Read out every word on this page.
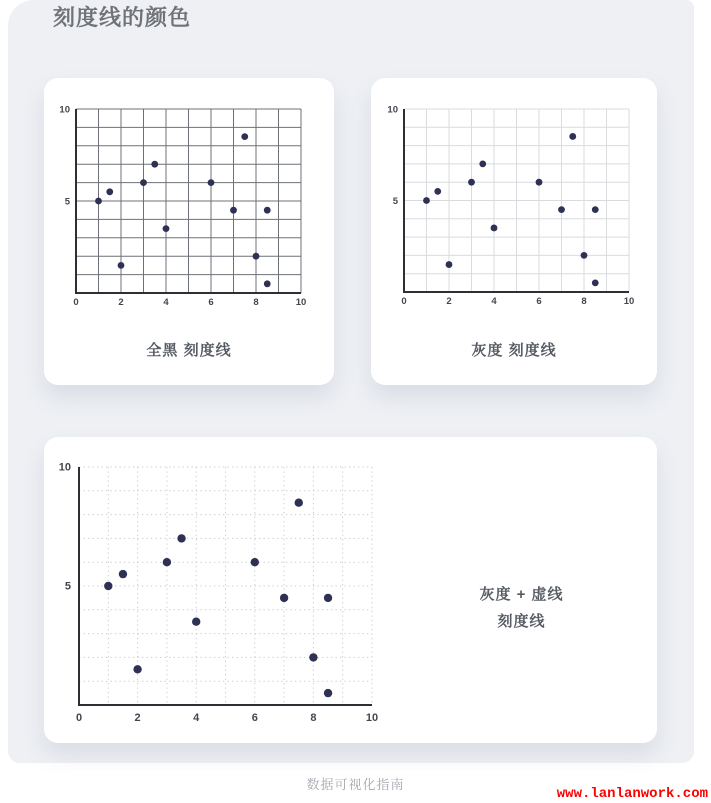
刻度线的颜色
0	2	4	6	8	10
5
10
全黑 刻度线
0	2	4	6	8	10
5
10
灰度 刻度线
0	2	4	6	8	10
5
10
灰度 + 虚线
刻度线
数据可视化指南
www.lanlanwork.com
